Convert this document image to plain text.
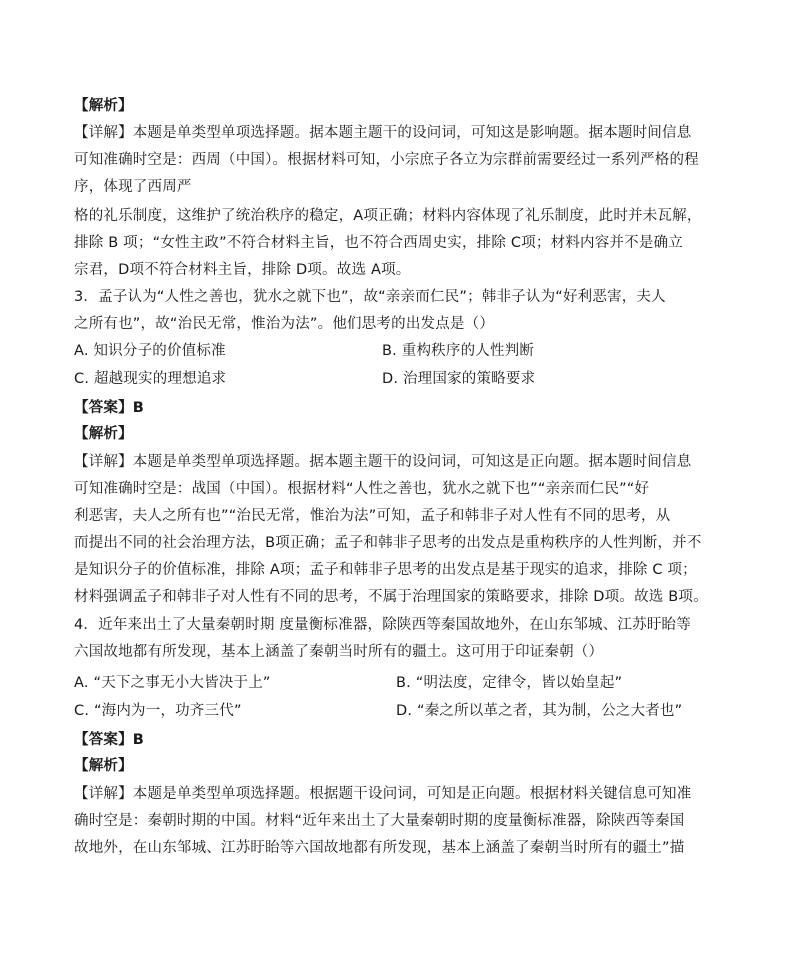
【解析】
【详解】本题是单类型单项选择题。据本题主题干的设问词，可知这是影响题。据本题时间信息
可知准确时空是：西周（中国）。根据材料可知，小宗庶子各立为宗群前需要经过一系列严格的程
序，体现了西周严
格的礼乐制度，这维护了统治秩序的稳定，A项正确；材料内容体现了礼乐制度，此时并未瓦解，
排除 B 项；“女性主政”不符合材料主旨，也不符合西周史实，排除 C项；材料内容并不是确立
宗君，D项不符合材料主旨，排除 D项。故选 A项。
3．孟子认为“人性之善也，犹水之就下也”，故“亲亲而仁民”；韩非子认为“好利恶害，夫人
之所有也”，故“治民无常，惟治为法”。他们思考的出发点是（）
A. 知识分子的价值标准	B. 重构秩序的人性判断
C. 超越现实的理想追求	D. 治理国家的策略要求
【答案】B
【解析】
【详解】本题是单类型单项选择题。据本题主题干的设问词，可知这是正向题。据本题时间信息
可知准确时空是：战国（中国）。根据材料“人性之善也，犹水之就下也”“亲亲而仁民”“好
利恶害，夫人之所有也”“治民无常，惟治为法”可知，孟子和韩非子对人性有不同的思考，从
而提出不同的社会治理方法，B项正确；孟子和韩非子思考的出发点是重构秩序的人性判断，并不
是知识分子的价值标准，排除 A项；孟子和韩非子思考的出发点是基于现实的追求，排除 C 项；
材料强调孟子和韩非子对人性有不同的思考，不属于治理国家的策略要求，排除 D项。故选 B项。
4．近年来出土了大量秦朝时期 度量衡标准器，除陕西等秦国故地外，在山东邹城、江苏盱眙等
六国故地都有所发现，基本上涵盖了秦朝当时所有的疆土。这可用于印证秦朝（）
A. “天下之事无小大皆决于上”	B. “明法度，定律令，皆以始皇起”
C. “海内为一，功齐三代”	D. “秦之所以革之者，其为制，公之大者也”
【答案】B
【解析】
【详解】本题是单类型单项选择题。根据题干设问词，可知是正向题。根据材料关键信息可知准
确时空是：秦朝时期的中国。材料“近年来出土了大量秦朝时期的度量衡标准器，除陕西等秦国
故地外，在山东邹城、江苏盱眙等六国故地都有所发现，基本上涵盖了秦朝当时所有的疆土”描
